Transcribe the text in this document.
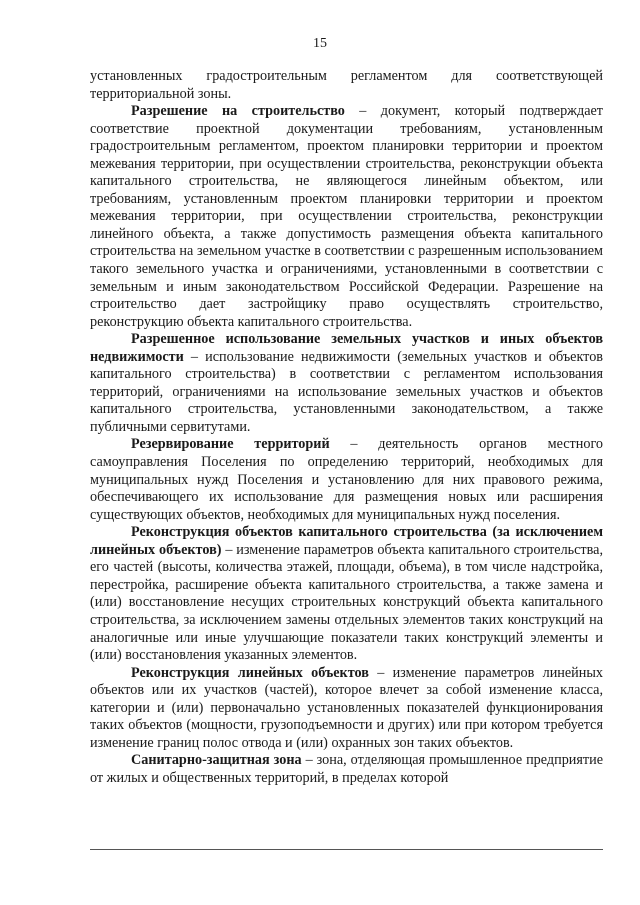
15

установленных градостроительным регламентом для соответствующей территориальной зоны.

Разрешение на строительство – документ, который подтверждает соответствие проектной документации требованиям, установленным градостроительным регламентом, проектом планировки территории и проектом межевания территории, при осуществлении строительства, реконструкции объекта капитального строительства, не являющегося линейным объектом, или требованиям, установленным проектом планировки территории и проектом межевания территории, при осуществлении строительства, реконструкции линейного объекта, а также допустимость размещения объекта капитального строительства на земельном участке в соответствии с разрешенным использованием такого земельного участка и ограничениями, установленными в соответствии с земельным и иным законодательством Российской Федерации. Разрешение на строительство дает застройщику право осуществлять строительство, реконструкцию объекта капитального строительства.

Разрешенное использование земельных участков и иных объектов недвижимости – использование недвижимости (земельных участков и объектов капитального строительства) в соответствии с регламентом использования территорий, ограничениями на использование земельных участков и объектов капитального строительства, установленными законодательством, а также публичными сервитутами.

Резервирование территорий – деятельность органов местного самоуправления Поселения по определению территорий, необходимых для муниципальных нужд Поселения и установлению для них правового режима, обеспечивающего их использование для размещения новых или расширения существующих объектов, необходимых для муниципальных нужд поселения.

Реконструкция объектов капитального строительства (за исключением линейных объектов) – изменение параметров объекта капитального строительства, его частей (высоты, количества этажей, площади, объема), в том числе надстройка, перестройка, расширение объекта капитального строительства, а также замена и (или) восстановление несущих строительных конструкций объекта капитального строительства, за исключением замены отдельных элементов таких конструкций на аналогичные или иные улучшающие показатели таких конструкций элементы и (или) восстановления указанных элементов.

Реконструкция линейных объектов – изменение параметров линейных объектов или их участков (частей), которое влечет за собой изменение класса, категории и (или) первоначально установленных показателей функционирования таких объектов (мощности, грузоподъемности и других) или при котором требуется изменение границ полос отвода и (или) охранных зон таких объектов.

Санитарно-защитная зона – зона, отделяющая промышленное предприятие от жилых и общественных территорий, в пределах которой
